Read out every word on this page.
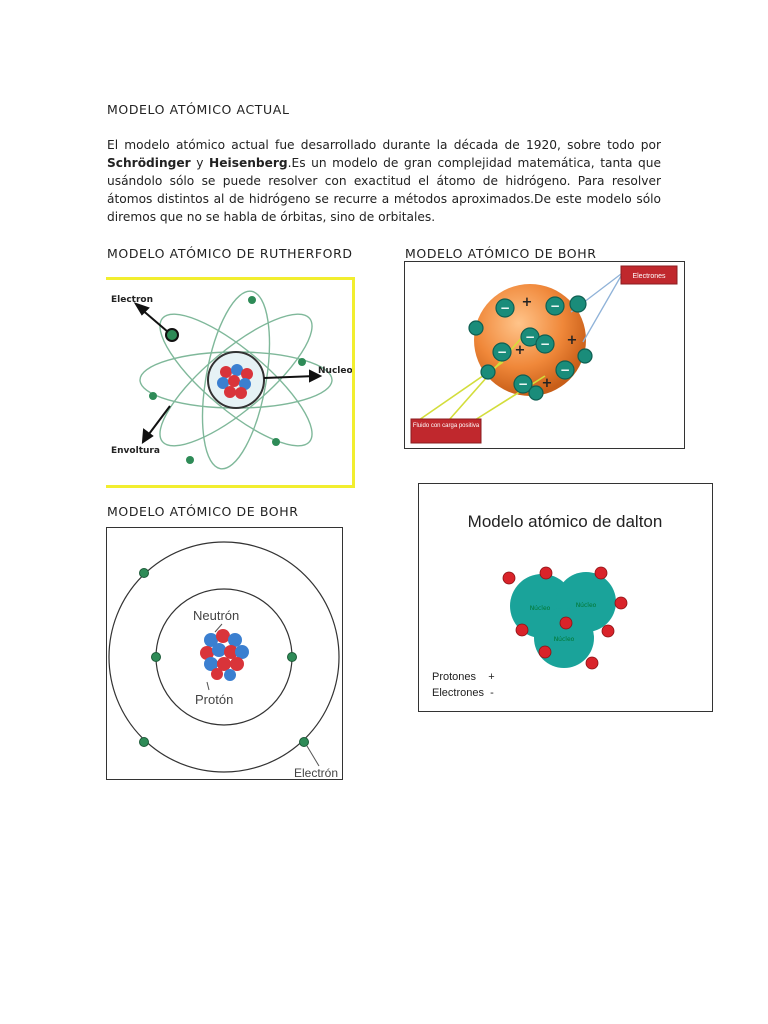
MODELO ATÓMICO ACTUAL
El modelo atómico actual fue desarrollado durante la década de 1920, sobre todo por Schrödinger y Heisenberg.Es un modelo de gran complejidad matemática, tanta que usándolo sólo se puede resolver con exactitud el átomo de hidrógeno. Para resolver átomos distintos al de hidrógeno se recurre a métodos aproximados.De este modelo sólo diremos que no se habla de órbitas, sino de orbitales.
MODELO ATÓMICO DE RUTHERFORD	MODELO ATÓMICO DE BOHR
MODELO ATÓMICO DE BOHR
Electron
Nucleo
Envoltura
−	−
− −
−
−
−
+
+
+
+
Electrones
Fluido con carga positiva
Neutrón
Protón
Electrón
Modelo atómico de dalton
Núcleo	Núcleo
Núcleo
Protones    +
Electrones  -
